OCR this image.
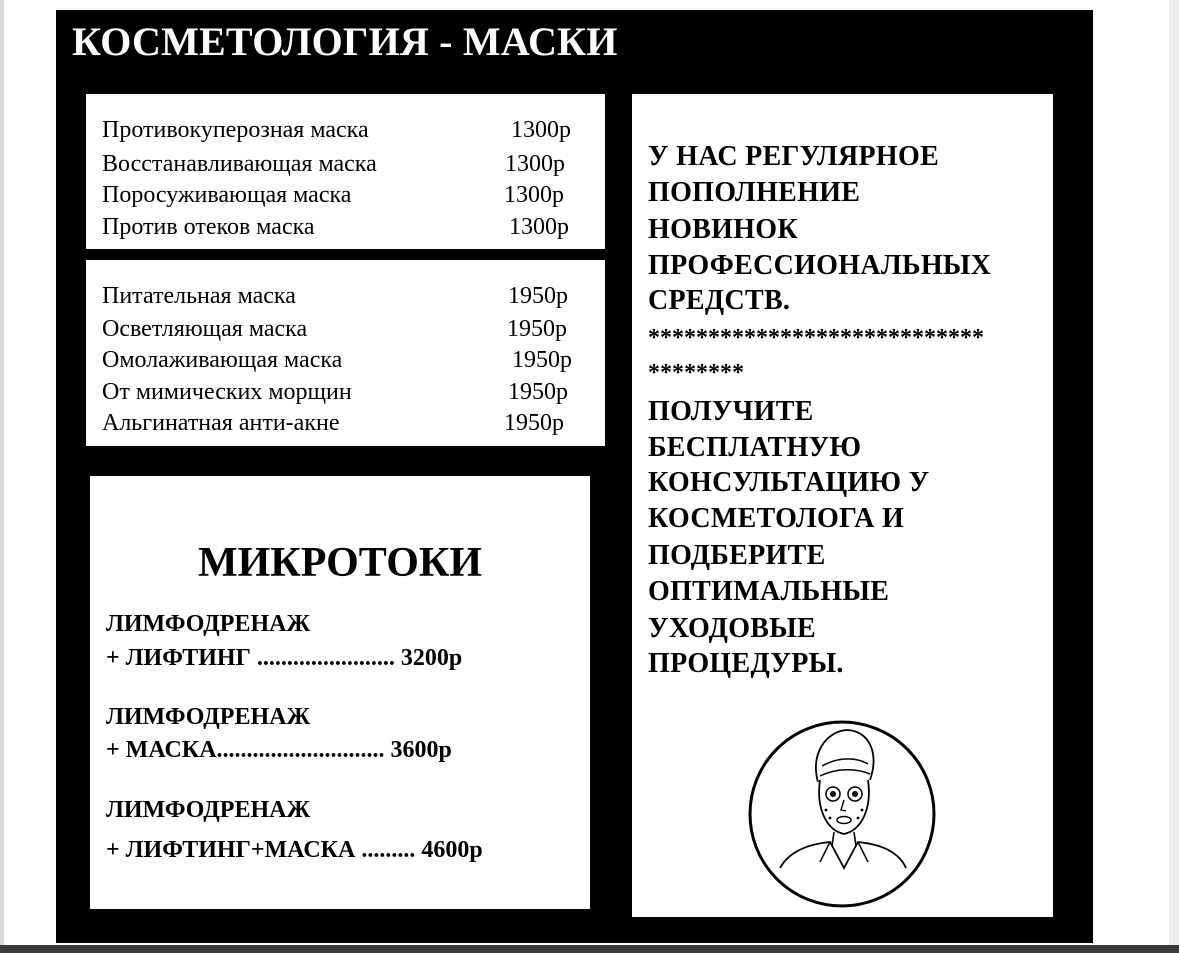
КОСМЕТОЛОГИЯ - МАСКИ
Противокуперозная маска	1300р
Восстанавливающая маска	1300р
Поросуживающая маска	1300р
Против отеков маска	1300р
Питательная маска	1950р
Осветляющая маска	1950р
Омолаживающая маска	1950р
От мимических морщин	1950р
Альгинатная анти-акне	1950р
МИКРОТОКИ
ЛИМФОДРЕНАЖ
+ ЛИФТИНГ ....................... 3200р
ЛИМФОДРЕНАЖ
+ МАСКА............................ 3600р
ЛИМФОДРЕНАЖ
+ ЛИФТИНГ+МАСКА ......... 4600р
У НАС РЕГУЛЯРНОЕ
ПОПОЛНЕНИЕ
НОВИНОК
ПРОФЕССИОНАЛЬНЫХ
СРЕДСТВ.
****************************
********
ПОЛУЧИТЕ
БЕСПЛАТНУЮ
КОНСУЛЬТАЦИЮ У
КОСМЕТОЛОГА И
ПОДБЕРИТЕ
ОПТИМАЛЬНЫЕ
УХОДОВЫЕ
ПРОЦЕДУРЫ.
